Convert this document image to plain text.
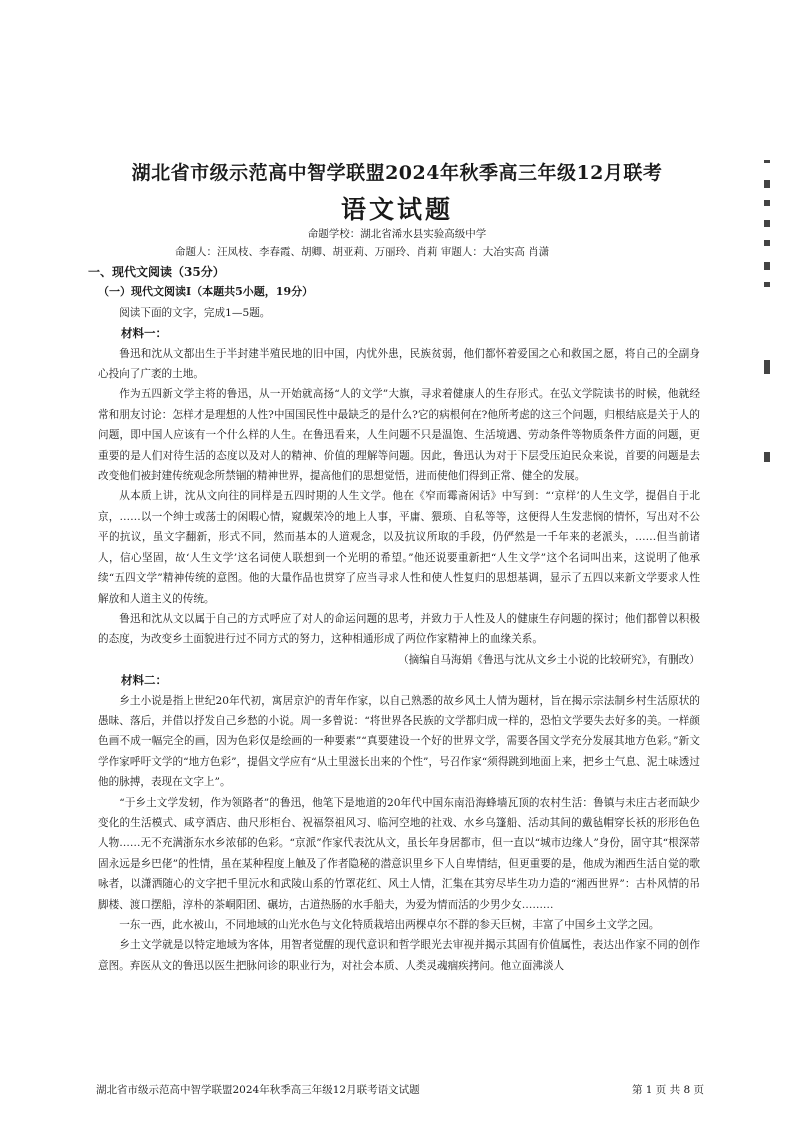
湖北省市级示范高中智学联盟2024年秋季高三年级12月联考
语文试题
命题学校：湖北省浠水县实验高级中学
命题人：汪凤枝、李春霞、胡卿、胡亚莉、万丽玲、肖莉 审题人：大冶实高 肖潇

一、现代文阅读（35分）

（一）现代文阅读Ⅰ（本题共5小题，19分）

阅读下面的文字，完成1—5题。

材料一：

鲁迅和沈从文都出生于半封建半殖民地的旧中国，内忧外患，民族贫弱，他们都怀着爱国之心和救国之愿，将自己的全副身心投向了广袤的土地。

作为五四新文学主将的鲁迅，从一开始就高扬“人的文学”大旗，寻求着健康人的生存形式。在弘文学院读书的时候，他就经常和朋友讨论：怎样才是理想的人性?中国国民性中最缺乏的是什么?它的病根何在?他所考虑的这三个问题，归根结底是关于人的问题，即中国人应该有一个什么样的人生。在鲁迅看来，人生问题不只是温饱、生活境遇、劳动条件等物质条件方面的问题，更重要的是人们对待生活的态度以及对人的精神、价值的理解等问题。因此，鲁迅认为对于下层受压迫民众来说，首要的问题是去改变他们被封建传统观念所禁锢的精神世界，提高他们的思想觉悟，进而使他们得到正常、健全的发展。

从本质上讲，沈从文向往的同样是五四时期的人生文学。他在《窄而霉斋闲话》中写到：“‘京样’的人生文学，提倡自于北京，……以一个绅士或荡士的闲暇心情，窥觑荣冷的地上人事，平庸、猥琐、自私等等，这便得人生发悲悯的情怀，写出对不公平的抗议，虽文字翻新，形式不同，然而基本的人道观念，以及抗议所取的手段，仍俨然是一千年来的老派头，……但当前诸人，信心坚固，故‘人生文学’这名词使人联想到一个光明的希望。”他还说要重新把“人生文学”这个名词叫出来，这说明了他承续“五四文学”精神传统的意图。他的大量作品也贯穿了应当寻求人性和使人性复归的思想基调，显示了五四以来新文学要求人性解放和人道主义的传统。

鲁迅和沈从文以属于自己的方式呼应了对人的命运问题的思考，并致力于人性及人的健康生存问题的探讨；他们都曾以积极的态度，为改变乡土面貌进行过不同方式的努力，这种相通形成了两位作家精神上的血缘关系。

（摘编自马海娟《鲁迅与沈从文乡土小说的比较研究》，有删改）

材料二：

乡土小说是指上世纪20年代初，寓居京沪的青年作家，以自己熟悉的故乡风土人情为题材，旨在揭示宗法制乡村生活原状的愚昧、落后，并借以抒发自己乡愁的小说。周一多曾说：“将世界各民族的文学都归成一样的，恐怕文学要失去好多的美。一样颜色画不成一幅完全的画，因为色彩仅是绘画的一种要素”“真要建设一个好的世界文学，需要各国文学充分发展其地方色彩。”新文学作家呼吁文学的“地方色彩”，提倡文学应有“从土里滋长出来的个性”，号召作家“须得跳到地面上来，把乡土气息、泥土味透过他的脉搏，表现在文字上”。

“于乡土文学发轫，作为领路者”的鲁迅，他笔下是地道的20年代中国东南沿海蜂墙瓦顶的农村生活：鲁镇与未庄古老而缺少变化的生活模式、咸亨酒店、曲尺形柜台、祝福祭祖风习、临河空地的社戏、水乡乌篷船、活动其间的戴毡帽穿长袄的形形色色人物……无不充满浙东水乡浓郁的色彩。“京派”作家代表沈从文，虽长年身居都市，但一直以“城市边缘人”身份，固守其“根深蒂固永远是乡巴佬”的性情，虽在某种程度上触及了作者隐秘的潜意识里乡下人自卑情结，但更重要的是，他成为湘西生活自觉的歌咏者，以潇洒随心的文字把千里沅水和武陵山系的竹罩花红、风土人情，汇集在其穷尽毕生功力造的“湘西世界”：古朴风情的吊脚楼、渡口摆船，淳朴的茶峒阳团、碾坊，古道热肠的水手船夫，为爱为情而活的少男少女………

一东一西，此水被山，不同地域的山光水色与文化特质栽培出两棵卓尔不群的参天巨树，丰富了中国乡土文学之园。

乡土文学就是以特定地域为客体，用智者觉醒的现代意识和哲学眼光去审视并揭示其固有价值属性，表达出作家不同的创作意图。弃医从文的鲁迅以医生把脉问诊的职业行为，对社会本质、人类灵魂痼疾拷问。他立面沸淡人

湖北省市级示范高中智学联盟2024年秋季高三年级12月联考语文试题	第 1 页 共 8 页
